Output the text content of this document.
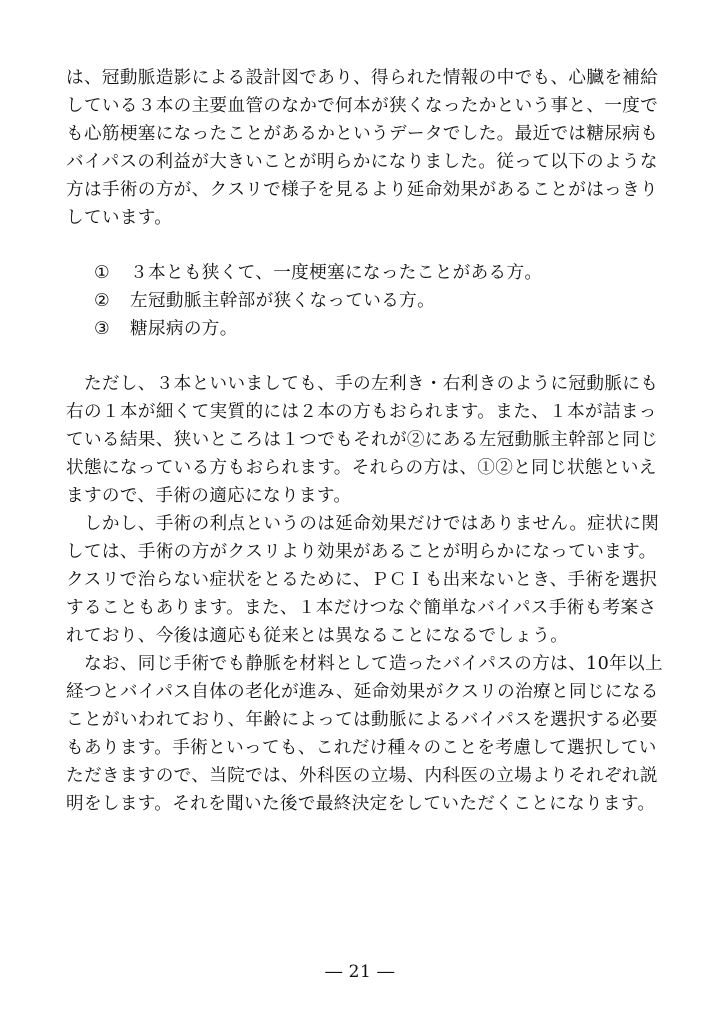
は、冠動脈造影による設計図であり、得られた情報の中でも、心臓を補給
している３本の主要血管のなかで何本が狭くなったかという事と、一度で
も心筋梗塞になったことがあるかというデータでした。最近では糖尿病も
バイパスの利益が大きいことが明らかになりました。従って以下のような
方は手術の方が、クスリで様子を見るより延命効果があることがはっきり
しています。
① ３本とも狭くて、一度梗塞になったことがある方。
② 左冠動脈主幹部が狭くなっている方。
③ 糖尿病の方。
　ただし、３本といいましても、手の左利き・右利きのように冠動脈にも
右の１本が細くて実質的には２本の方もおられます。また、１本が詰まっ
ている結果、狭いところは１つでもそれが②にある左冠動脈主幹部と同じ
状態になっている方もおられます。それらの方は、①②と同じ状態といえ
ますので、手術の適応になります。
　しかし、手術の利点というのは延命効果だけではありません。症状に関
しては、手術の方がクスリより効果があることが明らかになっています。
クスリで治らない症状をとるために、ＰＣＩも出来ないとき、手術を選択
することもあります。また、１本だけつなぐ簡単なバイパス手術も考案さ
れており、今後は適応も従来とは異なることになるでしょう。
　なお、同じ手術でも静脈を材料として造ったバイパスの方は、10年以上
経つとバイパス自体の老化が進み、延命効果がクスリの治療と同じになる
ことがいわれており、年齢によっては動脈によるバイパスを選択する必要
もあります。手術といっても、これだけ種々のことを考慮して選択してい
ただきますので、当院では、外科医の立場、内科医の立場よりそれぞれ説
明をします。それを聞いた後で最終決定をしていただくことになります。
― 21 ―
